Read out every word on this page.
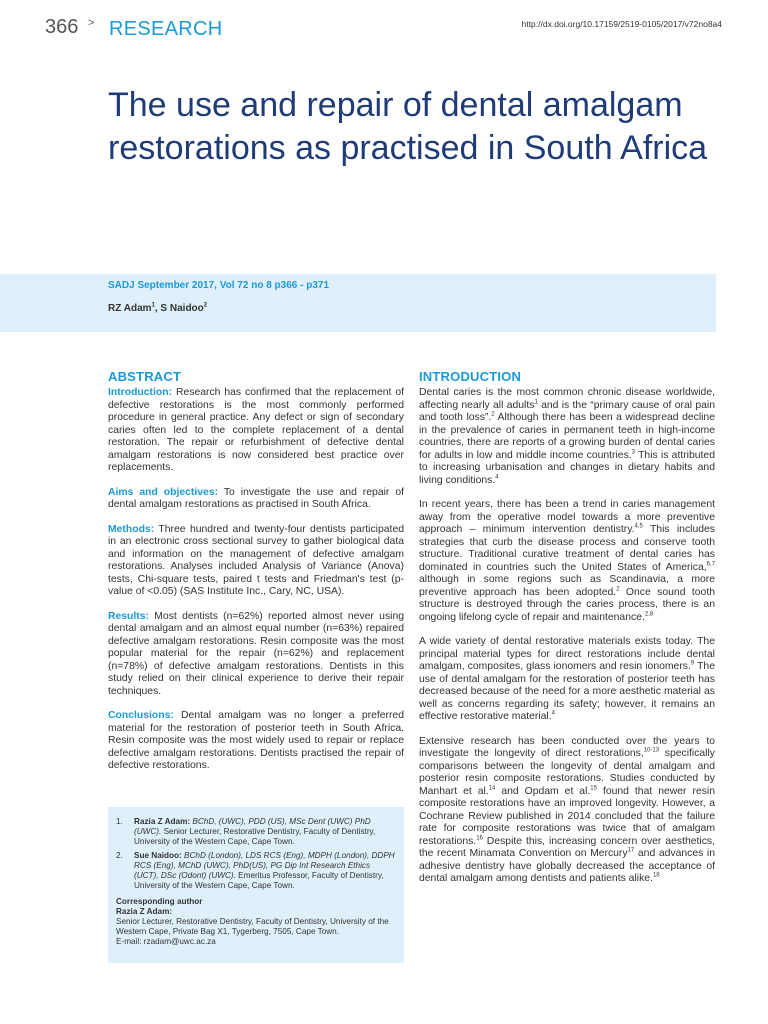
366 > RESEARCH	http://dx.doi.org/10.17159/2519-0105/2017/v72no8a4
The use and repair of dental amalgam restorations as practised in South Africa
SADJ September 2017, Vol 72 no 8 p366 - p371
RZ Adam$^1$, S Naidoo$^2$
ABSTRACT

Introduction: Research has confirmed that the replacement of defective restorations is the most commonly performed procedure in general practice. Any defect or sign of secondary caries often led to the complete replacement of a dental restoration. The repair or refurbishment of defective dental amalgam restorations is now considered best practice over replacements.

Aims and objectives: To investigate the use and repair of dental amalgam restorations as practised in South Africa.

Methods: Three hundred and twenty-four dentists participated in an electronic cross sectional survey to gather biological data and information on the management of defective amalgam restorations. Analyses included Analysis of Variance (Anova) tests, Chi-square tests, paired t tests and Friedman's test (p-value of <0.05) (SAS Institute Inc., Cary, NC, USA).

Results: Most dentists (n=62%) reported almost never using dental amalgam and an almost equal number (n=63%) repaired defective amalgam restorations. Resin composite was the most popular material for the repair (n=62%) and replacement (n=78%) of defective amalgam restorations. Dentists in this study relied on their clinical experience to derive their repair techniques.

Conclusions: Dental amalgam was no longer a preferred material for the restoration of posterior teeth in South Africa. Resin composite was the most widely used to repair or replace defective amalgam restorations. Dentists practised the repair of defective restorations.

1.	Razia Z Adam: BChD, (UWC), PDD (US), MSc Dent (UWC) PhD (UWC). Senior Lecturer, Restorative Dentistry, Faculty of Dentistry, University of the Western Cape, Cape Town.
2.	Sue Naidoo: BChD (London), LDS RCS (Eng), MDPH (London), DDPH RCS (Eng), MChD (UWC), PhD(US), PG Dip Int Research Ethics (UCT), DSc (Odont) (UWC). Emeritus Professor, Faculty of Dentistry, University of the Western Cape, Cape Town.
Corresponding author
Razia Z Adam:
Senior Lecturer, Restorative Dentistry, Faculty of Dentistry, University of the Western Cape, Private Bag X1, Tygerberg, 7505, Cape Town.
E-mail: rzadam@uwc.ac.za
INTRODUCTION

Dental caries is the most common chronic disease worldwide, affecting nearly all adults$^1$ and is the “primary cause of oral pain and tooth loss”.$^2$ Although there has been a widespread decline in the prevalence of caries in permanent teeth in high-income countries, there are reports of a growing burden of dental caries for adults in low and middle income countries.$^3$ This is attributed to increasing urbanisation and changes in dietary habits and living conditions.$^4$

In recent years, there has been a trend in caries management away from the operative model towards a more preventive approach – minimum intervention dentistry.$^{4,5}$ This includes strategies that curb the disease process and conserve tooth structure. Traditional curative treatment of dental caries has dominated in countries such the United States of America,$^{6,7}$ although in some regions such as Scandinavia, a more preventive approach has been adopted.$^2$ Once sound tooth structure is destroyed through the caries process, there is an ongoing lifelong cycle of repair and maintenance.$^{2,8}$

A wide variety of dental restorative materials exists today. The principal material types for direct restorations include dental amalgam, composites, glass ionomers and resin ionomers.$^9$ The use of dental amalgam for the restoration of posterior teeth has decreased because of the need for a more aesthetic material as well as concerns regarding its safety; however, it remains an effective restorative material.$^4$

Extensive research has been conducted over the years to investigate the longevity of direct restorations,$^{10-13}$ specifically comparisons between the longevity of dental amalgam and posterior resin composite restorations. Studies conducted by Manhart et al.$^{14}$ and Opdam et al.$^{15}$ found that newer resin composite restorations have an improved longevity. However, a Cochrane Review published in 2014 concluded that the failure rate for composite restorations was twice that of amalgam restorations.$^{16}$ Despite this, increasing concern over aesthetics, the recent Minamata Convention on Mercury$^{17}$ and advances in adhesive dentistry have globally decreased the acceptance of dental amalgam among dentists and patients alike.$^{18}$
